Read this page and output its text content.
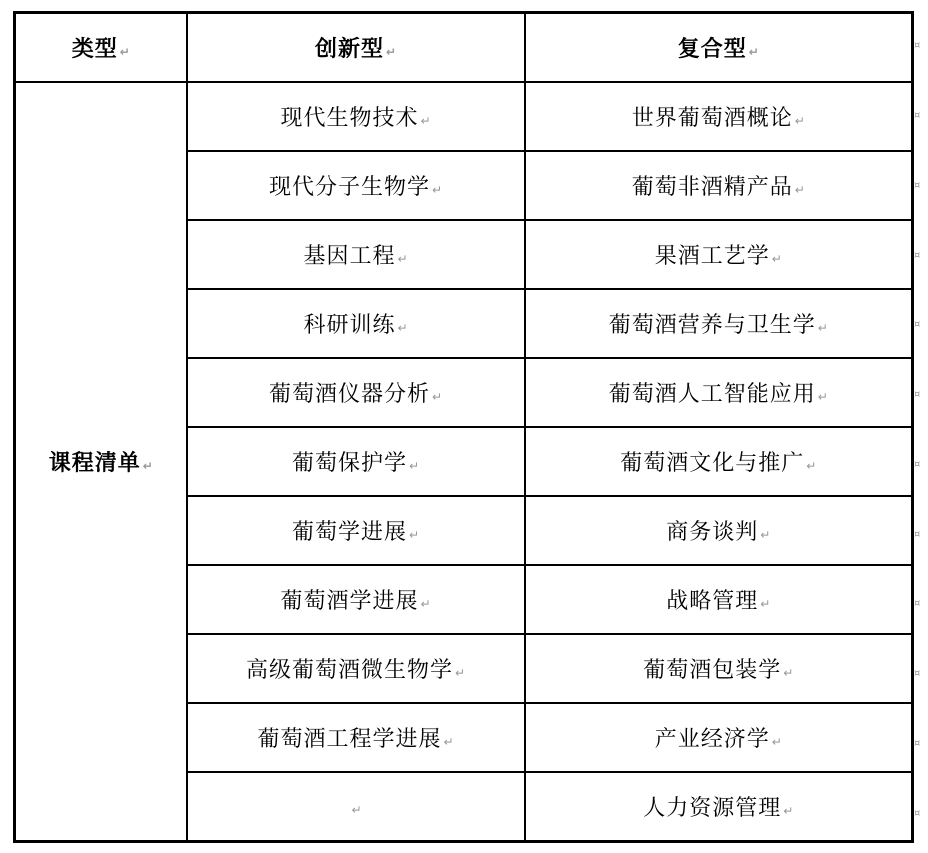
类型 ↵	创新型 ↵	复合型 ↵
课程清单 ↵	现代生物技术 ↵	世界葡萄酒概论 ↵
	现代分子生物学 ↵	葡萄非酒精产品 ↵
	基因工程 ↵	果酒工艺学 ↵
	科研训练 ↵	葡萄酒营养与卫生学 ↵
	葡萄酒仪器分析 ↵	葡萄酒人工智能应用 ↵
	葡萄保护学 ↵	葡萄酒文化与推广 ↵
	葡萄学进展 ↵	商务谈判 ↵
	葡萄酒学进展 ↵	战略管理 ↵
	高级葡萄酒微生物学 ↵	葡萄酒包装学 ↵
	葡萄酒工程学进展 ↵	产业经济学 ↵
	↵	人力资源管理 ↵
¤
¤
¤
¤
¤
¤
¤
¤
¤
¤
¤
¤
